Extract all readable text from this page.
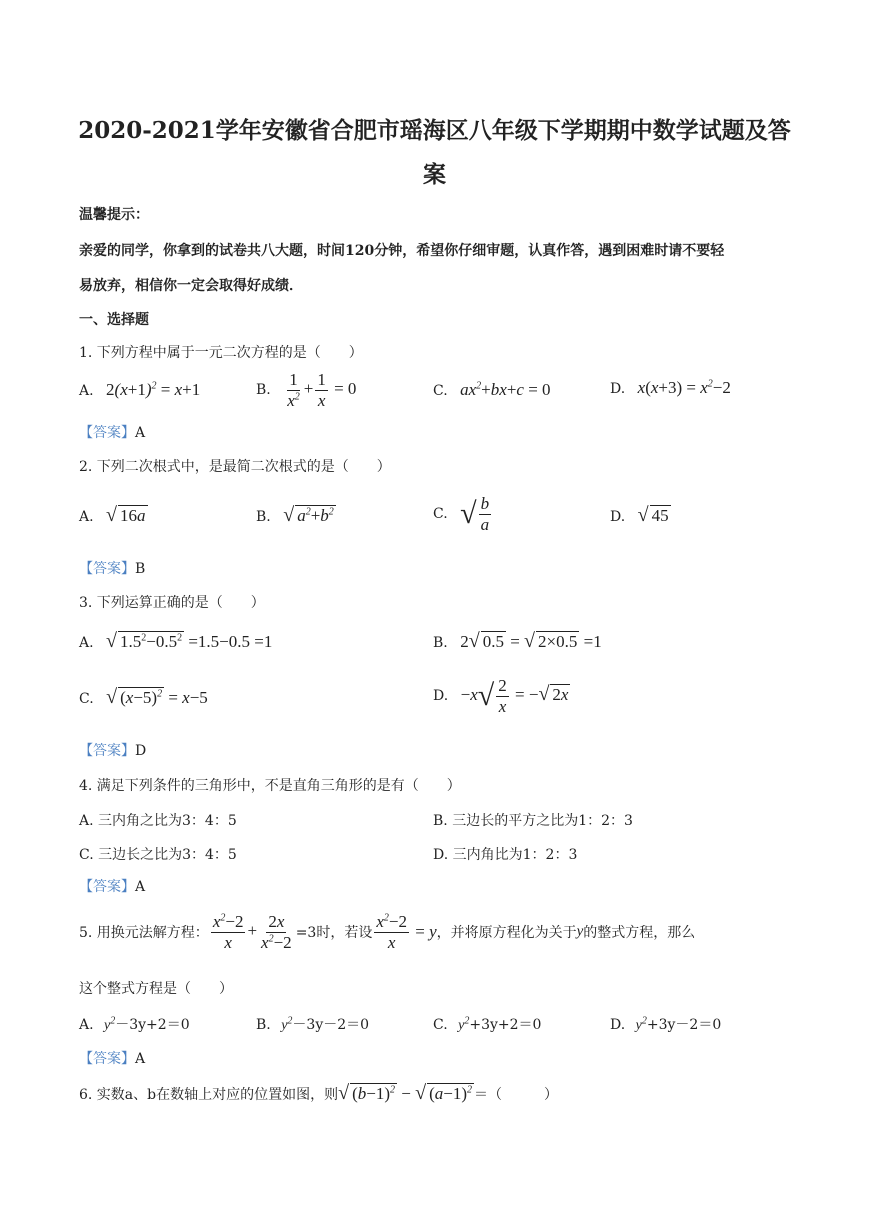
2020-2021学年安徽省合肥市瑶海区八年级下学期期中数学试题及答
案
温馨提示：
亲爱的同学，你拿到的试卷共八大题，时间120分钟，希望你仔细审题，认真作答，遇到困难时请不要轻
易放弃，相信你一定会取得好成绩．
一、选择题
1. 下列方程中属于一元二次方程的是（　　）
A. $2(x+1)^2 = x+1$	B. $\frac{1}{x^2} + \frac{1}{x} = 0$	C. $ax^2+bx+c = 0$	D. $x(x+3) = x^2-2$
【答案】A
2. 下列二次根式中，是最简二次根式的是（　　）
A. √ 16a	B. √ $a^2+b^2$	C. √ $\frac{b}{a}$	D. √ 45
【答案】B
3. 下列运算正确的是（　　）
A. √ $1.5^2-0.5^2 =1.5-0.5 =1$	B. 2√ 0.5 = √ 2×0.5 =1
C. √ $(x-5)^2 = x-5$	D. $-x√ \frac{2}{x}$ = −√ 2x
【答案】D
4. 满足下列条件的三角形中，不是直角三角形的是有（　　）
A. 三内角之比为3：4：5	B. 三边长的平方之比为1：2：3
C. 三边长之比为3：4：5	D. 三内角比为1：2：3
【答案】A
5. 用换元法解方程： $\frac{x^2-2}{x} + \frac{2x}{x^2-2} =3$时，若设 $\frac{x^2-2}{x} = y$，并将原方程化为关于y的整式方程，那么
这个整式方程是（　　）
A. $y^2-3y+2=0$	B. $y^2-3y-2=0$	C. $y^2+3y+2=0$	D. $y^2+3y-2=0$
【答案】A
6. 实数a、b在数轴上对应的位置如图，则√ $(b-1)^2$ − √ $(a-1)^2$ ＝（　　　）
